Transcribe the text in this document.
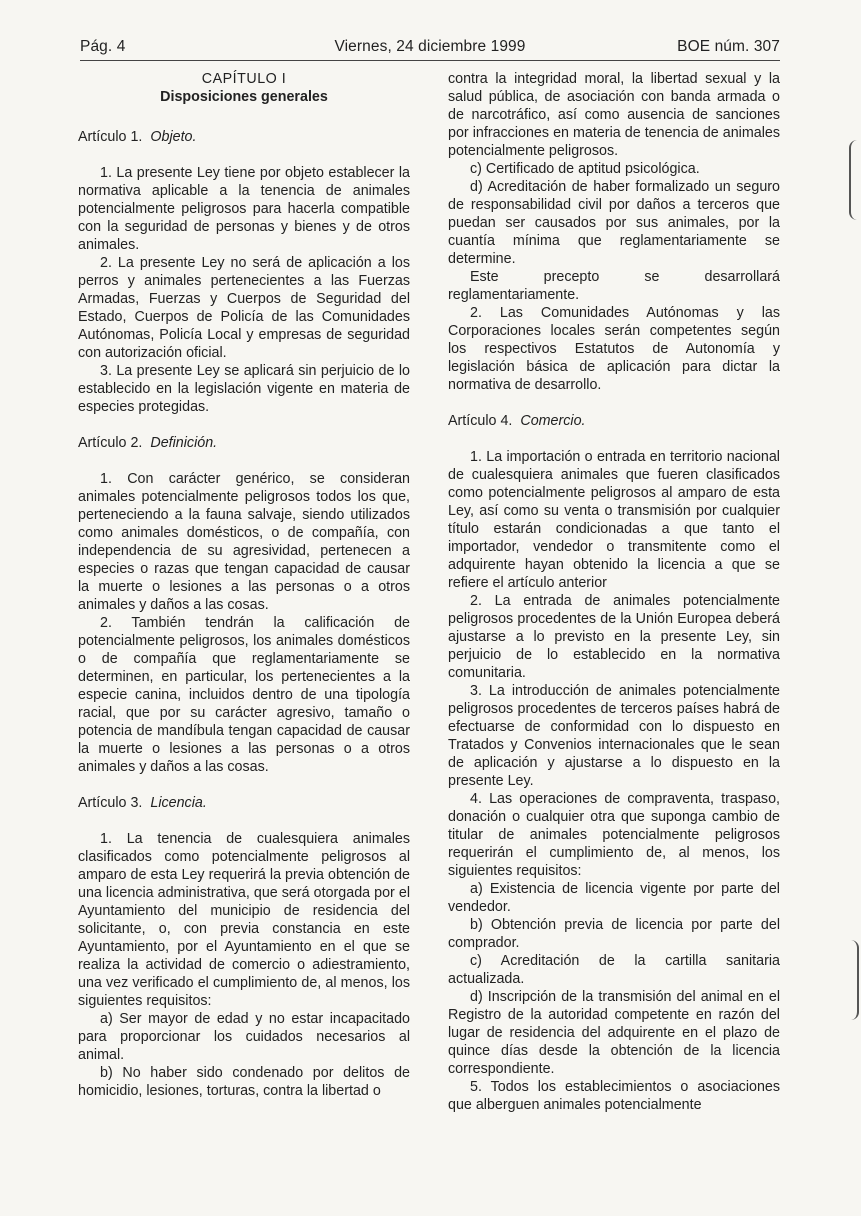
Pág. 4	Viernes, 24 diciembre 1999	BOE núm. 307

CAPÍTULO I

Disposiciones generales

Artículo 1. Objeto.

1. La presente Ley tiene por objeto establecer la normativa aplicable a la tenencia de animales potencialmente peligrosos para hacerla compatible con la seguridad de personas y bienes y de otros animales.

2. La presente Ley no será de aplicación a los perros y animales pertenecientes a las Fuerzas Armadas, Fuerzas y Cuerpos de Seguridad del Estado, Cuerpos de Policía de las Comunidades Autónomas, Policía Local y empresas de seguridad con autorización oficial.

3. La presente Ley se aplicará sin perjuicio de lo establecido en la legislación vigente en materia de especies protegidas.

Artículo 2. Definición.

1. Con carácter genérico, se consideran animales potencialmente peligrosos todos los que, perteneciendo a la fauna salvaje, siendo utilizados como animales domésticos, o de compañía, con independencia de su agresividad, pertenecen a especies o razas que tengan capacidad de causar la muerte o lesiones a las personas o a otros animales y daños a las cosas.

2. También tendrán la calificación de potencialmente peligrosos, los animales domésticos o de compañía que reglamentariamente se determinen, en particular, los pertenecientes a la especie canina, incluidos dentro de una tipología racial, que por su carácter agresivo, tamaño o potencia de mandíbula tengan capacidad de causar la muerte o lesiones a las personas o a otros animales y daños a las cosas.

Artículo 3. Licencia.

1. La tenencia de cualesquiera animales clasificados como potencialmente peligrosos al amparo de esta Ley requerirá la previa obtención de una licencia administrativa, que será otorgada por el Ayuntamiento del municipio de residencia del solicitante, o, con previa constancia en este Ayuntamiento, por el Ayuntamiento en el que se realiza la actividad de comercio o adiestramiento, una vez verificado el cumplimiento de, al menos, los siguientes requisitos:

a) Ser mayor de edad y no estar incapacitado para proporcionar los cuidados necesarios al animal.

b) No haber sido condenado por delitos de homicidio, lesiones, torturas, contra la libertad o

contra la integridad moral, la libertad sexual y la salud pública, de asociación con banda armada o de narcotráfico, así como ausencia de sanciones por infracciones en materia de tenencia de animales potencialmente peligrosos.

c) Certificado de aptitud psicológica.

d) Acreditación de haber formalizado un seguro de responsabilidad civil por daños a terceros que puedan ser causados por sus animales, por la cuantía mínima que reglamentariamente se determine.

Este precepto se desarrollará reglamentariamente.

2. Las Comunidades Autónomas y las Corporaciones locales serán competentes según los respectivos Estatutos de Autonomía y legislación básica de aplicación para dictar la normativa de desarrollo.

Artículo 4. Comercio.

1. La importación o entrada en territorio nacional de cualesquiera animales que fueren clasificados como potencialmente peligrosos al amparo de esta Ley, así como su venta o transmisión por cualquier título estarán condicionadas a que tanto el importador, vendedor o transmitente como el adquirente hayan obtenido la licencia a que se refiere el artículo anterior

2. La entrada de animales potencialmente peligrosos procedentes de la Unión Europea deberá ajustarse a lo previsto en la presente Ley, sin perjuicio de lo establecido en la normativa comunitaria.

3. La introducción de animales potencialmente peligrosos procedentes de terceros países habrá de efectuarse de conformidad con lo dispuesto en Tratados y Convenios internacionales que le sean de aplicación y ajustarse a lo dispuesto en la presente Ley.

4. Las operaciones de compraventa, traspaso, donación o cualquier otra que suponga cambio de titular de animales potencialmente peligrosos requerirán el cumplimiento de, al menos, los siguientes requisitos:

a) Existencia de licencia vigente por parte del vendedor.

b) Obtención previa de licencia por parte del comprador.

c) Acreditación de la cartilla sanitaria actualizada.

d) Inscripción de la transmisión del animal en el Registro de la autoridad competente en razón del lugar de residencia del adquirente en el plazo de quince días desde la obtención de la licencia correspondiente.

5. Todos los establecimientos o asociaciones que alberguen animales potencialmente
